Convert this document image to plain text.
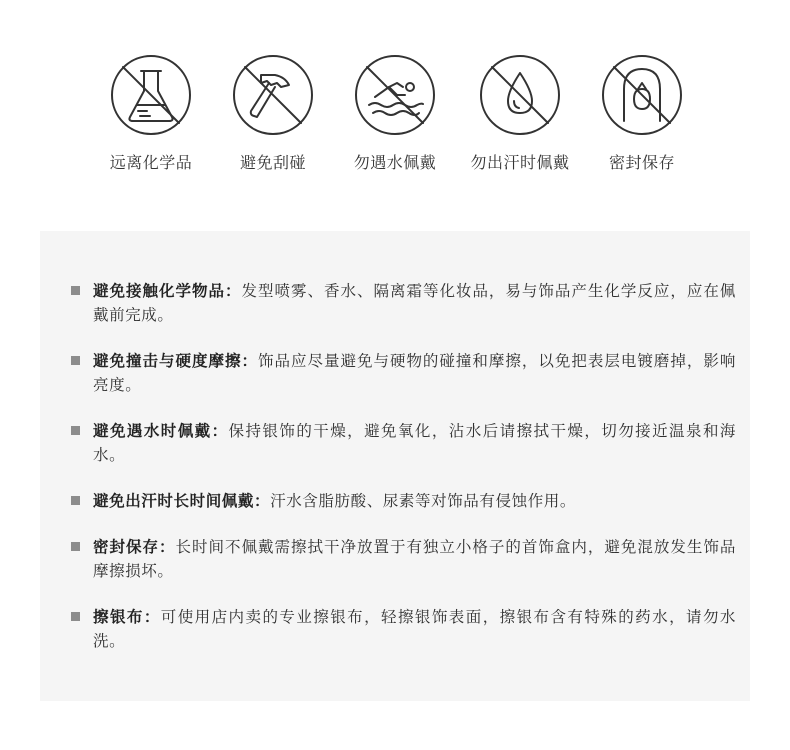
远离化学品	避免刮碰	勿遇水佩戴	勿出汗时佩戴	密封保存
避免接触化学物品：发型喷雾、香水、隔离霜等化妆品，易与饰品产生化学反应，应在佩戴前完成。
避免撞击与硬度摩擦：饰品应尽量避免与硬物的碰撞和摩擦，以免把表层电镀磨掉，影响亮度。
避免遇水时佩戴：保持银饰的干燥，避免氧化，沾水后请擦拭干燥，切勿接近温泉和海水。
避免出汗时长时间佩戴：汗水含脂肪酸、尿素等对饰品有侵蚀作用。
密封保存：长时间不佩戴需擦拭干净放置于有独立小格子的首饰盒内，避免混放发生饰品摩擦损坏。
擦银布：可使用店内卖的专业擦银布，轻擦银饰表面，擦银布含有特殊的药水，请勿水洗。
